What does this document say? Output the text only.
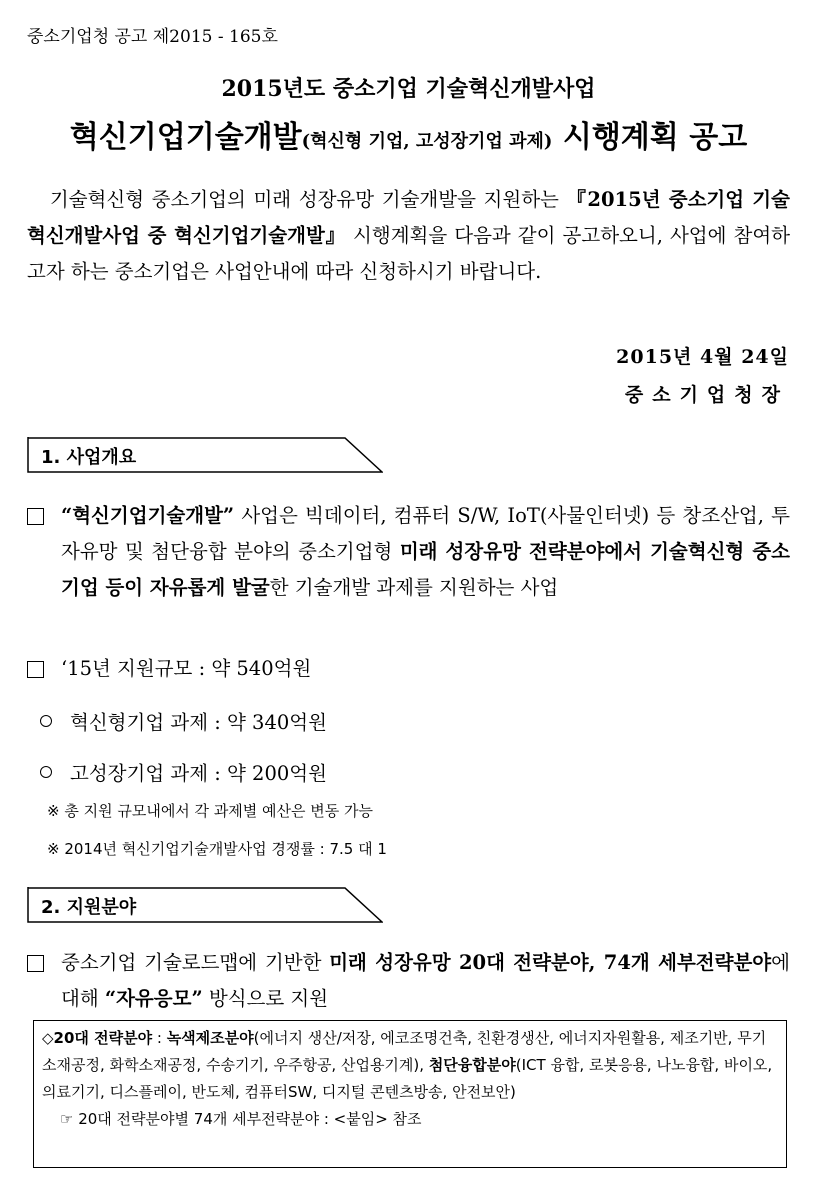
중소기업청 공고 제2015 - 165호
2015년도 중소기업 기술혁신개발사업
혁신기업기술개발(혁신형 기업, 고성장기업 과제) 시행계획 공고
기술혁신형 중소기업의 미래 성장유망 기술개발을 지원하는 『2015년 중소기업 기술혁신개발사업 중 혁신기업기술개발』 시행계획을 다음과 같이 공고하오니, 사업에 참여하고자 하는 중소기업은 사업안내에 따라 신청하시기 바랍니다.
2015년 4월 24일
중소기업청장
1. 사업개요
“혁신기업기술개발” 사업은 빅데이터, 컴퓨터 S/W, IoT(사물인터넷) 등 창조산업, 투자유망 및 첨단융합 분야의 중소기업형 미래 성장유망 전략분야에서 기술혁신형 중소기업 등이 자유롭게 발굴한 기술개발 과제를 지원하는 사업
‘15년 지원규모 : 약 540억원
혁신형기업 과제 : 약 340억원
고성장기업 과제 : 약 200억원
※ 총 지원 규모내에서 각 과제별 예산은 변동 가능
※ 2014년 혁신기업기술개발사업 경쟁률 : 7.5 대 1
2. 지원분야
중소기업 기술로드맵에 기반한 미래 성장유망 20대 전략분야, 74개 세부전략분야에 대해 “자유응모” 방식으로 지원
◇20대 전략분야 : 녹색제조분야(에너지 생산/저장, 에코조명건축, 친환경생산, 에너지자원활용, 제조기반, 무기소재공정, 화학소재공정, 수송기기, 우주항공, 산업용기계), 첨단융합분야(ICT 융합, 로봇응용, 나노융합, 바이오, 의료기기, 디스플레이, 반도체, 컴퓨터SW, 디지털 콘텐츠방송, 안전보안)
☞ 20대 전략분야별 74개 세부전략분야 : <붙임> 참조
